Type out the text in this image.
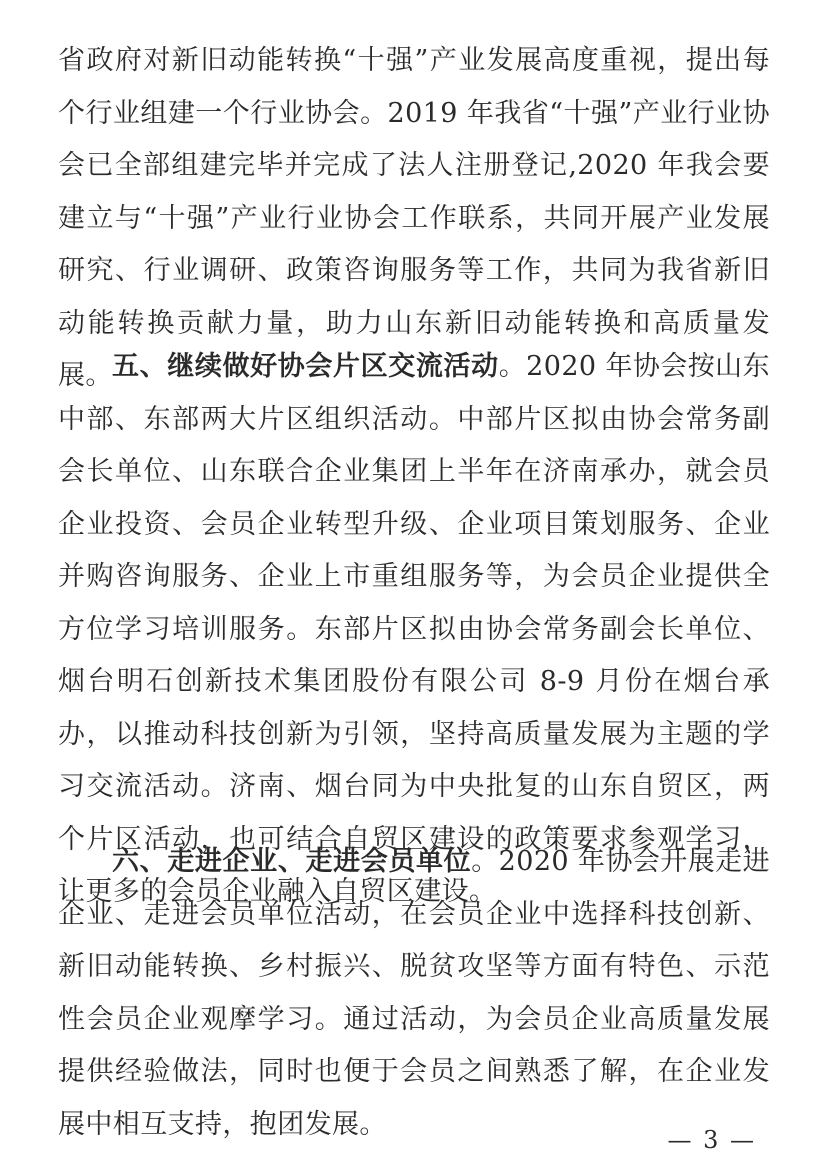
省政府对新旧动能转换“十强”产业发展高度重视，提出每个行业组建一个行业协会。2019 年我省“十强”产业行业协会已全部组建完毕并完成了法人注册登记,2020 年我会要建立与“十强”产业行业协会工作联系，共同开展产业发展研究、行业调研、政策咨询服务等工作，共同为我省新旧动能转换贡献力量，助力山东新旧动能转换和高质量发展。 五、继续做好协会片区交流活动。2020 年协会按山东中部、东部两大片区组织活动。中部片区拟由协会常务副会长单位、山东联合企业集团上半年在济南承办，就会员企业投资、会员企业转型升级、企业项目策划服务、企业并购咨询服务、企业上市重组服务等，为会员企业提供全方位学习培训服务。东部片区拟由协会常务副会长单位、烟台明石创新技术集团股份有限公司 8-9 月份在烟台承办，以推动科技创新为引领，坚持高质量发展为主题的学习交流活动。济南、烟台同为中央批复的山东自贸区，两个片区活动，也可结合自贸区建设的政策要求参观学习，让更多的会员企业融入自贸区建设。

六、走进企业、走进会员单位。2020 年协会开展走进企业、走进会员单位活动，在会员企业中选择科技创新、新旧动能转换、乡村振兴、脱贫攻坚等方面有特色、示范性会员企业观摩学习。通过活动，为会员企业高质量发展提供经验做法，同时也便于会员之间熟悉了解，在企业发展中相互支持，抱团发展。

— 3 —
